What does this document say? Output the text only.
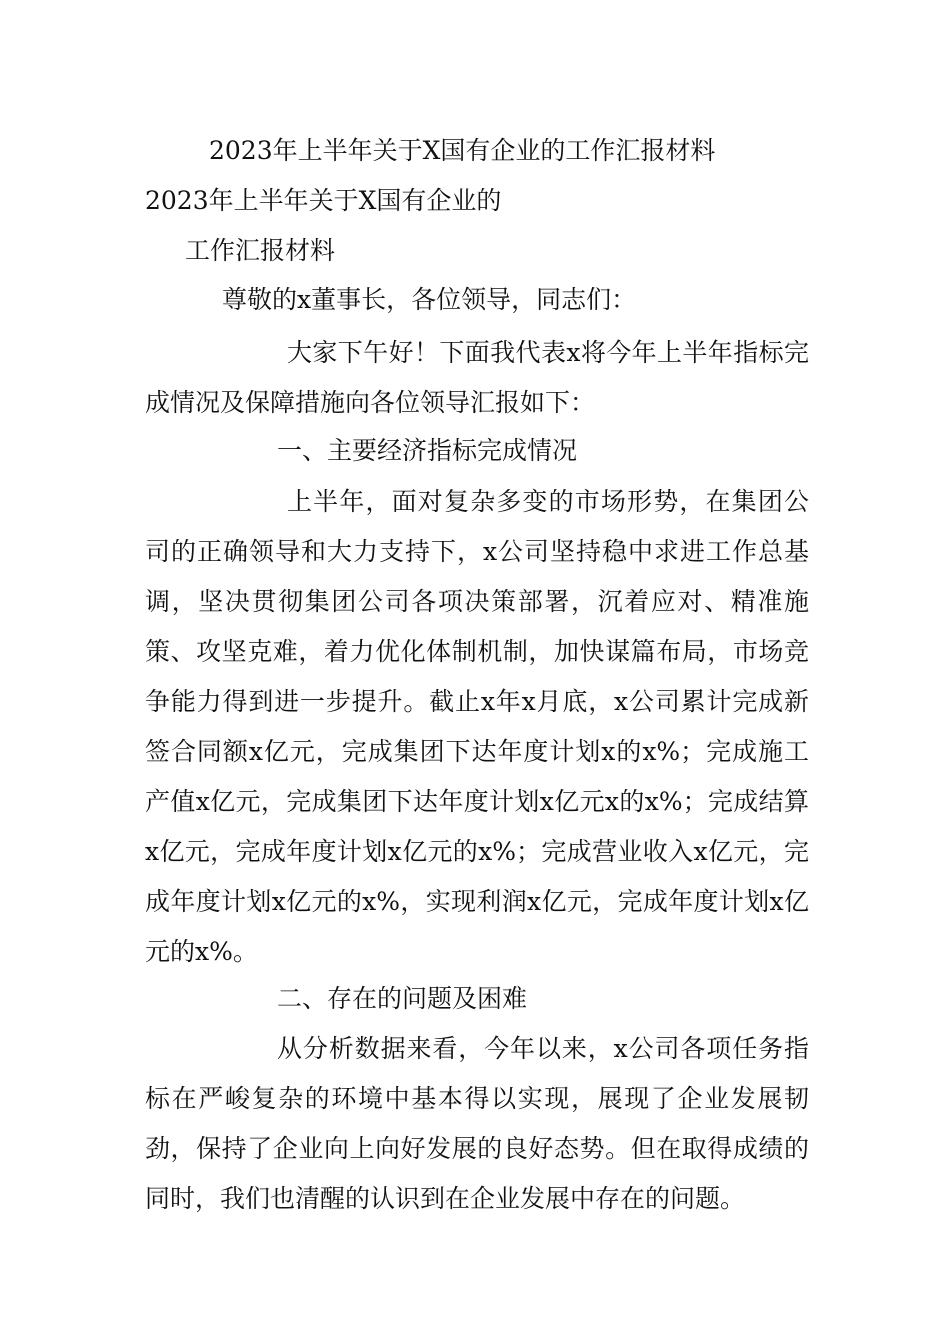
2023年上半年关于X国有企业的工作汇报材料
2023年上半年关于X国有企业的
工作汇报材料
尊敬的x董事长，各位领导，同志们：

大家下午好！下面我代表x将今年上半年指标完成情况及保障措施向各位领导汇报如下：

一、主要经济指标完成情况

上半年，面对复杂多变的市场形势，在集团公司的正确领导和大力支持下，x公司坚持稳中求进工作总基调，坚决贯彻集团公司各项决策部署，沉着应对、精准施策、攻坚克难，着力优化体制机制，加快谋篇布局，市场竞争能力得到进一步提升。截止x年x月底，x公司累计完成新签合同额x亿元，完成集团下达年度计划x的x%；完成施工产值x亿元，完成集团下达年度计划x亿元x的x%；完成结算x亿元，完成年度计划x亿元的x%；完成营业收入x亿元，完成年度计划x亿元的x%，实现利润x亿元，完成年度计划x亿元的x%。

二、存在的问题及困难

从分析数据来看，今年以来，x公司各项任务指标在严峻复杂的环境中基本得以实现，展现了企业发展韧劲，保持了企业向上向好发展的良好态势。但在取得成绩的同时，我们也清醒的认识到在企业发展中存在的问题。
